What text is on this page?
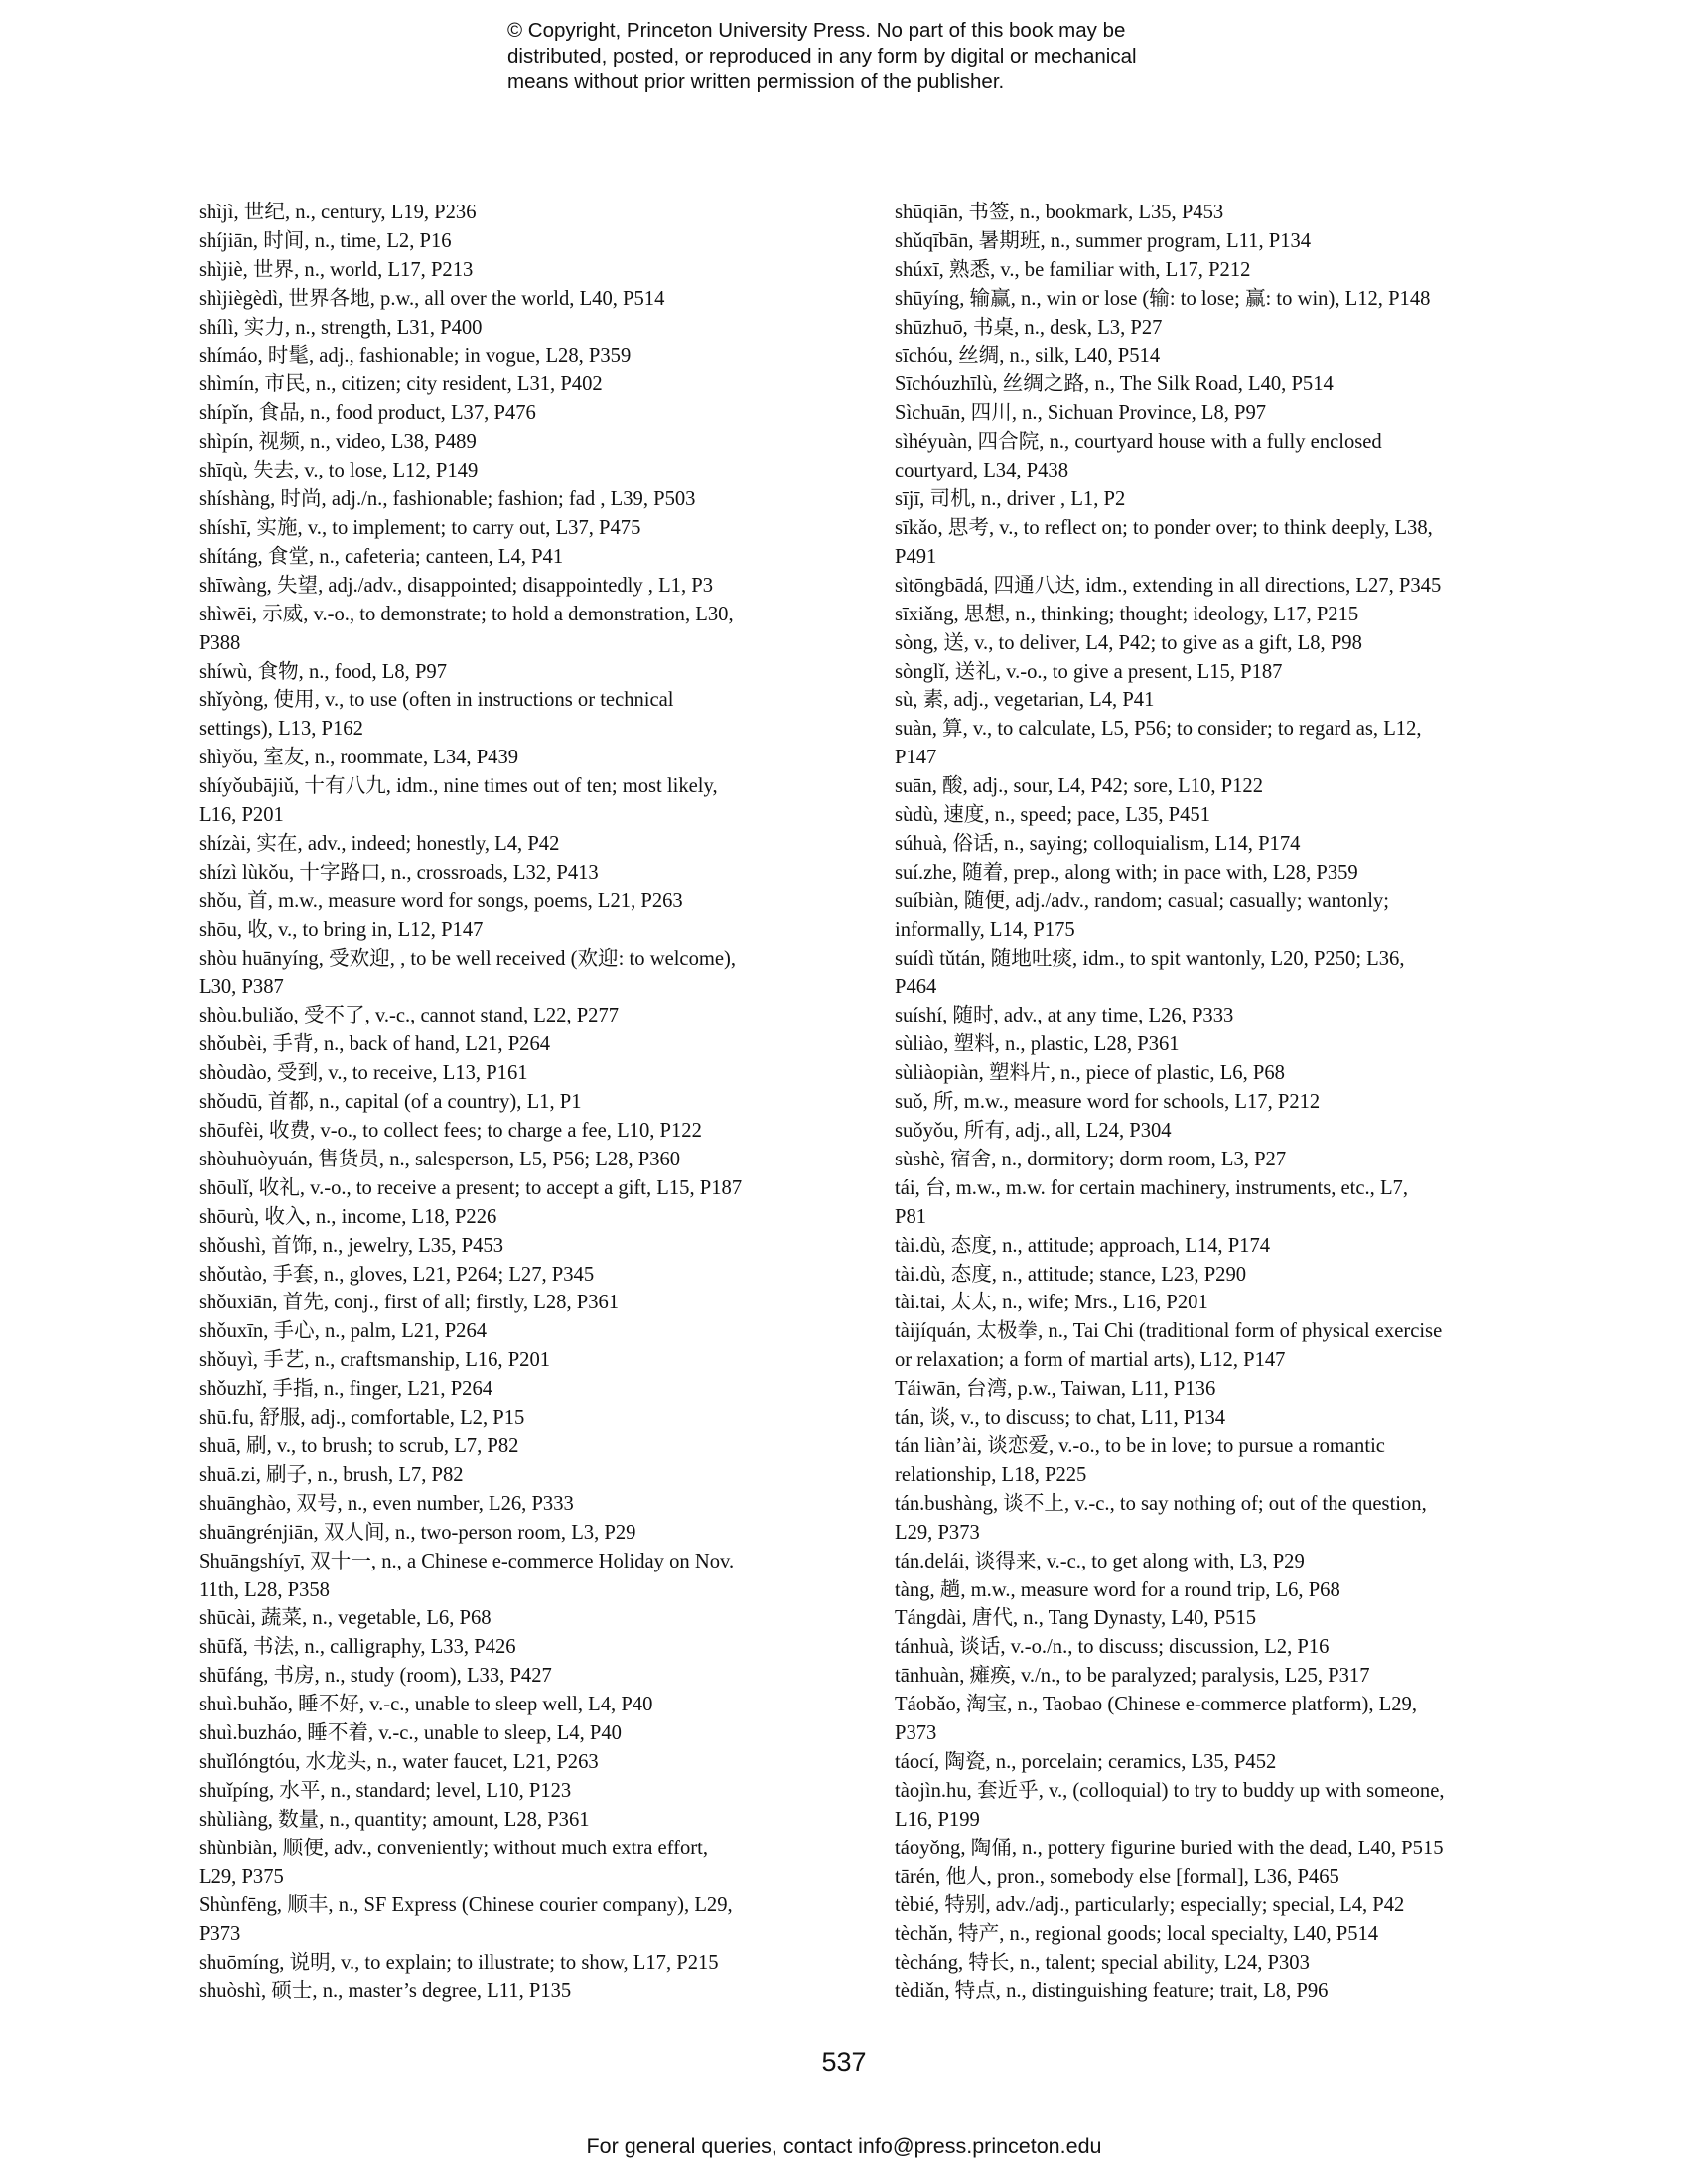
© Copyright, Princeton University Press. No part of this book may be
distributed, posted, or reproduced in any form by digital or mechanical
means without prior written permission of the publisher.
shìjì, 世纪, n., century, L19, P236
shíjiān, 时间, n., time, L2, P16
shìjiè, 世界, n., world, L17, P213
shìjiègèdì, 世界各地, p.w., all over the world, L40, P514
shílì, 实力, n., strength, L31, P400
shímáo, 时髦, adj., fashionable; in vogue, L28, P359
shìmín, 市民, n., citizen; city resident, L31, P402
shípǐn, 食品, n., food product, L37, P476
shìpín, 视频, n., video, L38, P489
shīqù, 失去, v., to lose, L12, P149
shíshàng, 时尚, adj./n., fashionable; fashion; fad , L39, P503
shíshī, 实施, v., to implement; to carry out, L37, P475
shítáng, 食堂, n., cafeteria; canteen, L4, P41
shīwàng, 失望, adj./adv., disappointed; disappointedly , L1, P3
shìwēi, 示威, v.-o., to demonstrate; to hold a demonstration, L30,
P388
shíwù, 食物, n., food, L8, P97
shǐyòng, 使用, v., to use (often in instructions or technical
settings), L13, P162
shìyǒu, 室友, n., roommate, L34, P439
shíyǒubājiǔ, 十有八九, idm., nine times out of ten; most likely,
L16, P201
shízài, 实在, adv., indeed; honestly, L4, P42
shízì lùkǒu, 十字路口, n., crossroads, L32, P413
shǒu, 首, m.w., measure word for songs, poems, L21, P263
shōu, 收, v., to bring in, L12, P147
shòu huānyíng, 受欢迎, , to be well received (欢迎: to welcome),
L30, P387
shòu.buliǎo, 受不了, v.-c., cannot stand, L22, P277
shǒubèi, 手背, n., back of hand, L21, P264
shòudào, 受到, v., to receive, L13, P161
shǒudū, 首都, n., capital (of a country), L1, P1
shōufèi, 收费, v-o., to collect fees; to charge a fee, L10, P122
shòuhuòyuán, 售货员, n., salesperson, L5, P56; L28, P360
shōulǐ, 收礼, v.-o., to receive a present; to accept a gift, L15, P187
shōurù, 收入, n., income, L18, P226
shǒushì, 首饰, n., jewelry, L35, P453
shǒutào, 手套, n., gloves, L21, P264; L27, P345
shǒuxiān, 首先, conj., first of all; firstly, L28, P361
shǒuxīn, 手心, n., palm, L21, P264
shǒuyì, 手艺, n., craftsmanship, L16, P201
shǒuzhǐ, 手指, n., finger, L21, P264
shū.fu, 舒服, adj., comfortable, L2, P15
shuā, 刷, v., to brush; to scrub, L7, P82
shuā.zi, 刷子, n., brush, L7, P82
shuānghào, 双号, n., even number, L26, P333
shuāngrénjiān, 双人间, n., two-person room, L3, P29
Shuāngshíyī, 双十一, n., a Chinese e-commerce Holiday on Nov.
11th, L28, P358
shūcài, 蔬菜, n., vegetable, L6, P68
shūfǎ, 书法, n., calligraphy, L33, P426
shūfáng, 书房, n., study (room), L33, P427
shuì.buhǎo, 睡不好, v.-c., unable to sleep well, L4, P40
shuì.buzháo, 睡不着, v.-c., unable to sleep, L4, P40
shuǐlóngtóu, 水龙头, n., water faucet, L21, P263
shuǐpíng, 水平, n., standard; level, L10, P123
shùliàng, 数量, n., quantity; amount, L28, P361
shùnbiàn, 顺便, adv., conveniently; without much extra effort,
L29, P375
Shùnfēng, 顺丰, n., SF Express (Chinese courier company), L29,
P373
shuōmíng, 说明, v., to explain; to illustrate; to show, L17, P215
shuòshì, 硕士, n., master’s degree, L11, P135
shūqiān, 书签, n., bookmark, L35, P453
shǔqībān, 暑期班, n., summer program, L11, P134
shúxī, 熟悉, v., be familiar with, L17, P212
shūyíng, 输赢, n., win or lose (输: to lose; 赢: to win), L12, P148
shūzhuō, 书桌, n., desk, L3, P27
sīchóu, 丝绸, n., silk, L40, P514
Sīchóuzhīlù, 丝绸之路, n., The Silk Road, L40, P514
Sìchuān, 四川, n., Sichuan Province, L8, P97
sìhéyuàn, 四合院, n., courtyard house with a fully enclosed
courtyard, L34, P438
sījī, 司机, n., driver , L1, P2
sīkǎo, 思考, v., to reflect on; to ponder over; to think deeply, L38,
P491
sìtōngbādá, 四通八达, idm., extending in all directions, L27, P345
sīxiǎng, 思想, n., thinking; thought; ideology, L17, P215
sòng, 送, v., to deliver, L4, P42; to give as a gift, L8, P98
sònglǐ, 送礼, v.-o., to give a present, L15, P187
sù, 素, adj., vegetarian, L4, P41
suàn, 算, v., to calculate, L5, P56; to consider; to regard as, L12,
P147
suān, 酸, adj., sour, L4, P42; sore, L10, P122
sùdù, 速度, n., speed; pace, L35, P451
súhuà, 俗话, n., saying; colloquialism, L14, P174
suí.zhe, 随着, prep., along with; in pace with, L28, P359
suíbiàn, 随便, adj./adv., random; casual; casually; wantonly;
informally, L14, P175
suídì tǔtán, 随地吐痰, idm., to spit wantonly, L20, P250; L36,
P464
suíshí, 随时, adv., at any time, L26, P333
sùliào, 塑料, n., plastic, L28, P361
sùliàopiàn, 塑料片, n., piece of plastic, L6, P68
suǒ, 所, m.w., measure word for schools, L17, P212
suǒyǒu, 所有, adj., all, L24, P304
sùshè, 宿舍, n., dormitory; dorm room, L3, P27
tái, 台, m.w., m.w. for certain machinery, instruments, etc., L7,
P81
tài.dù, 态度, n., attitude; approach, L14, P174
tài.dù, 态度, n., attitude; stance, L23, P290
tài.tai, 太太, n., wife; Mrs., L16, P201
tàijíquán, 太极拳, n., Tai Chi (traditional form of physical exercise
or relaxation; a form of martial arts), L12, P147
Táiwān, 台湾, p.w., Taiwan, L11, P136
tán, 谈, v., to discuss; to chat, L11, P134
tán liàn’ài, 谈恋爱, v.-o., to be in love; to pursue a romantic
relationship, L18, P225
tán.bushàng, 谈不上, v.-c., to say nothing of; out of the question,
L29, P373
tán.delái, 谈得来, v.-c., to get along with, L3, P29
tàng, 趟, m.w., measure word for a round trip, L6, P68
Tángdài, 唐代, n., Tang Dynasty, L40, P515
tánhuà, 谈话, v.-o./n., to discuss; discussion, L2, P16
tānhuàn, 瘫痪, v./n., to be paralyzed; paralysis, L25, P317
Táobǎo, 淘宝, n., Taobao (Chinese e-commerce platform), L29,
P373
táocí, 陶瓷, n., porcelain; ceramics, L35, P452
tàojìn.hu, 套近乎, v., (colloquial) to try to buddy up with someone,
L16, P199
táoyǒng, 陶俑, n., pottery figurine buried with the dead, L40, P515
tārén, 他人, pron., somebody else [formal], L36, P465
tèbié, 特别, adv./adj., particularly; especially; special, L4, P42
tèchǎn, 特产, n., regional goods; local specialty, L40, P514
tècháng, 特长, n., talent; special ability, L24, P303
tèdiǎn, 特点, n., distinguishing feature; trait, L8, P96
537
For general queries, contact info@press.princeton.edu
